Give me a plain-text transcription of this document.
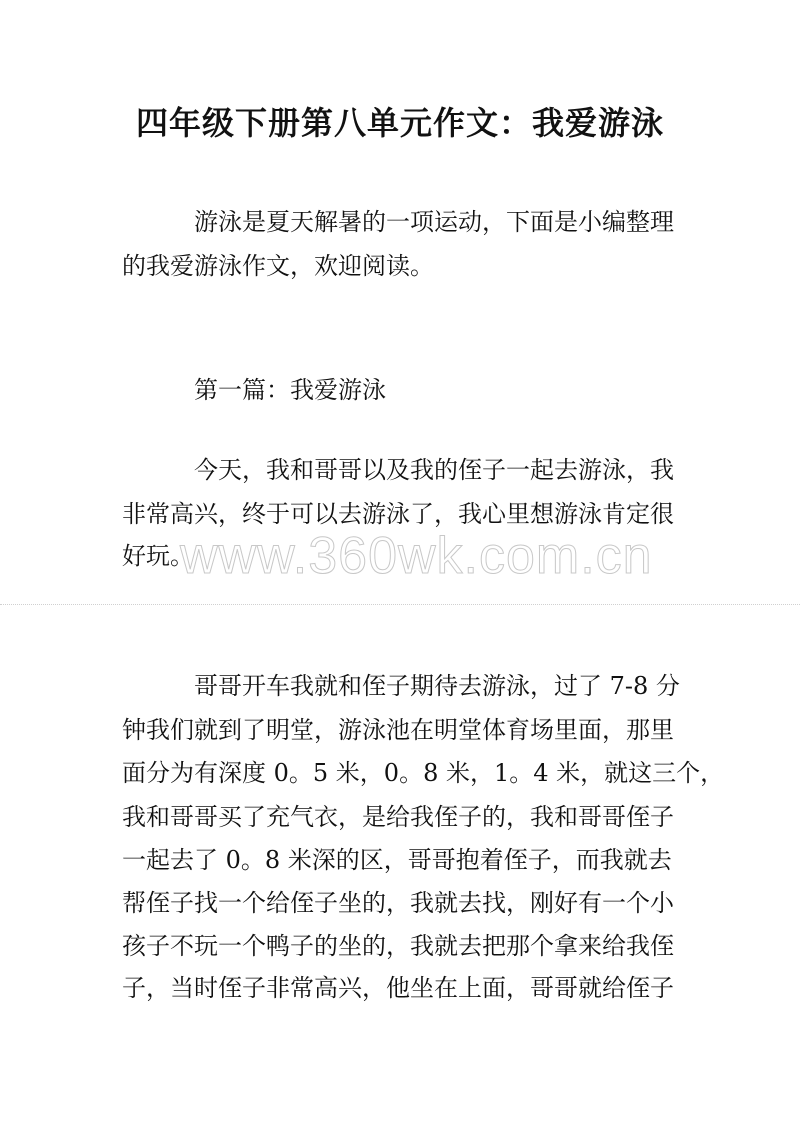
四年级下册第八单元作文：我爱游泳
游泳是夏天解暑的一项运动，下面是小编整理
的我爱游泳作文，欢迎阅读。
第一篇：我爱游泳
www.360wk.com.cn
今天，我和哥哥以及我的侄子一起去游泳，我
非常高兴，终于可以去游泳了，我心里想游泳肯定很
好玩。
哥哥开车我就和侄子期待去游泳，过了 7-8 分
钟我们就到了明堂，游泳池在明堂体育场里面，那里
面分为有深度 0。5 米，0。8 米，1。4 米，就这三个，
我和哥哥买了充气衣，是给我侄子的，我和哥哥侄子
一起去了 0。8 米深的区，哥哥抱着侄子，而我就去
帮侄子找一个给侄子坐的，我就去找，刚好有一个小
孩子不玩一个鸭子的坐的，我就去把那个拿来给我侄
子，当时侄子非常高兴，他坐在上面，哥哥就给侄子
